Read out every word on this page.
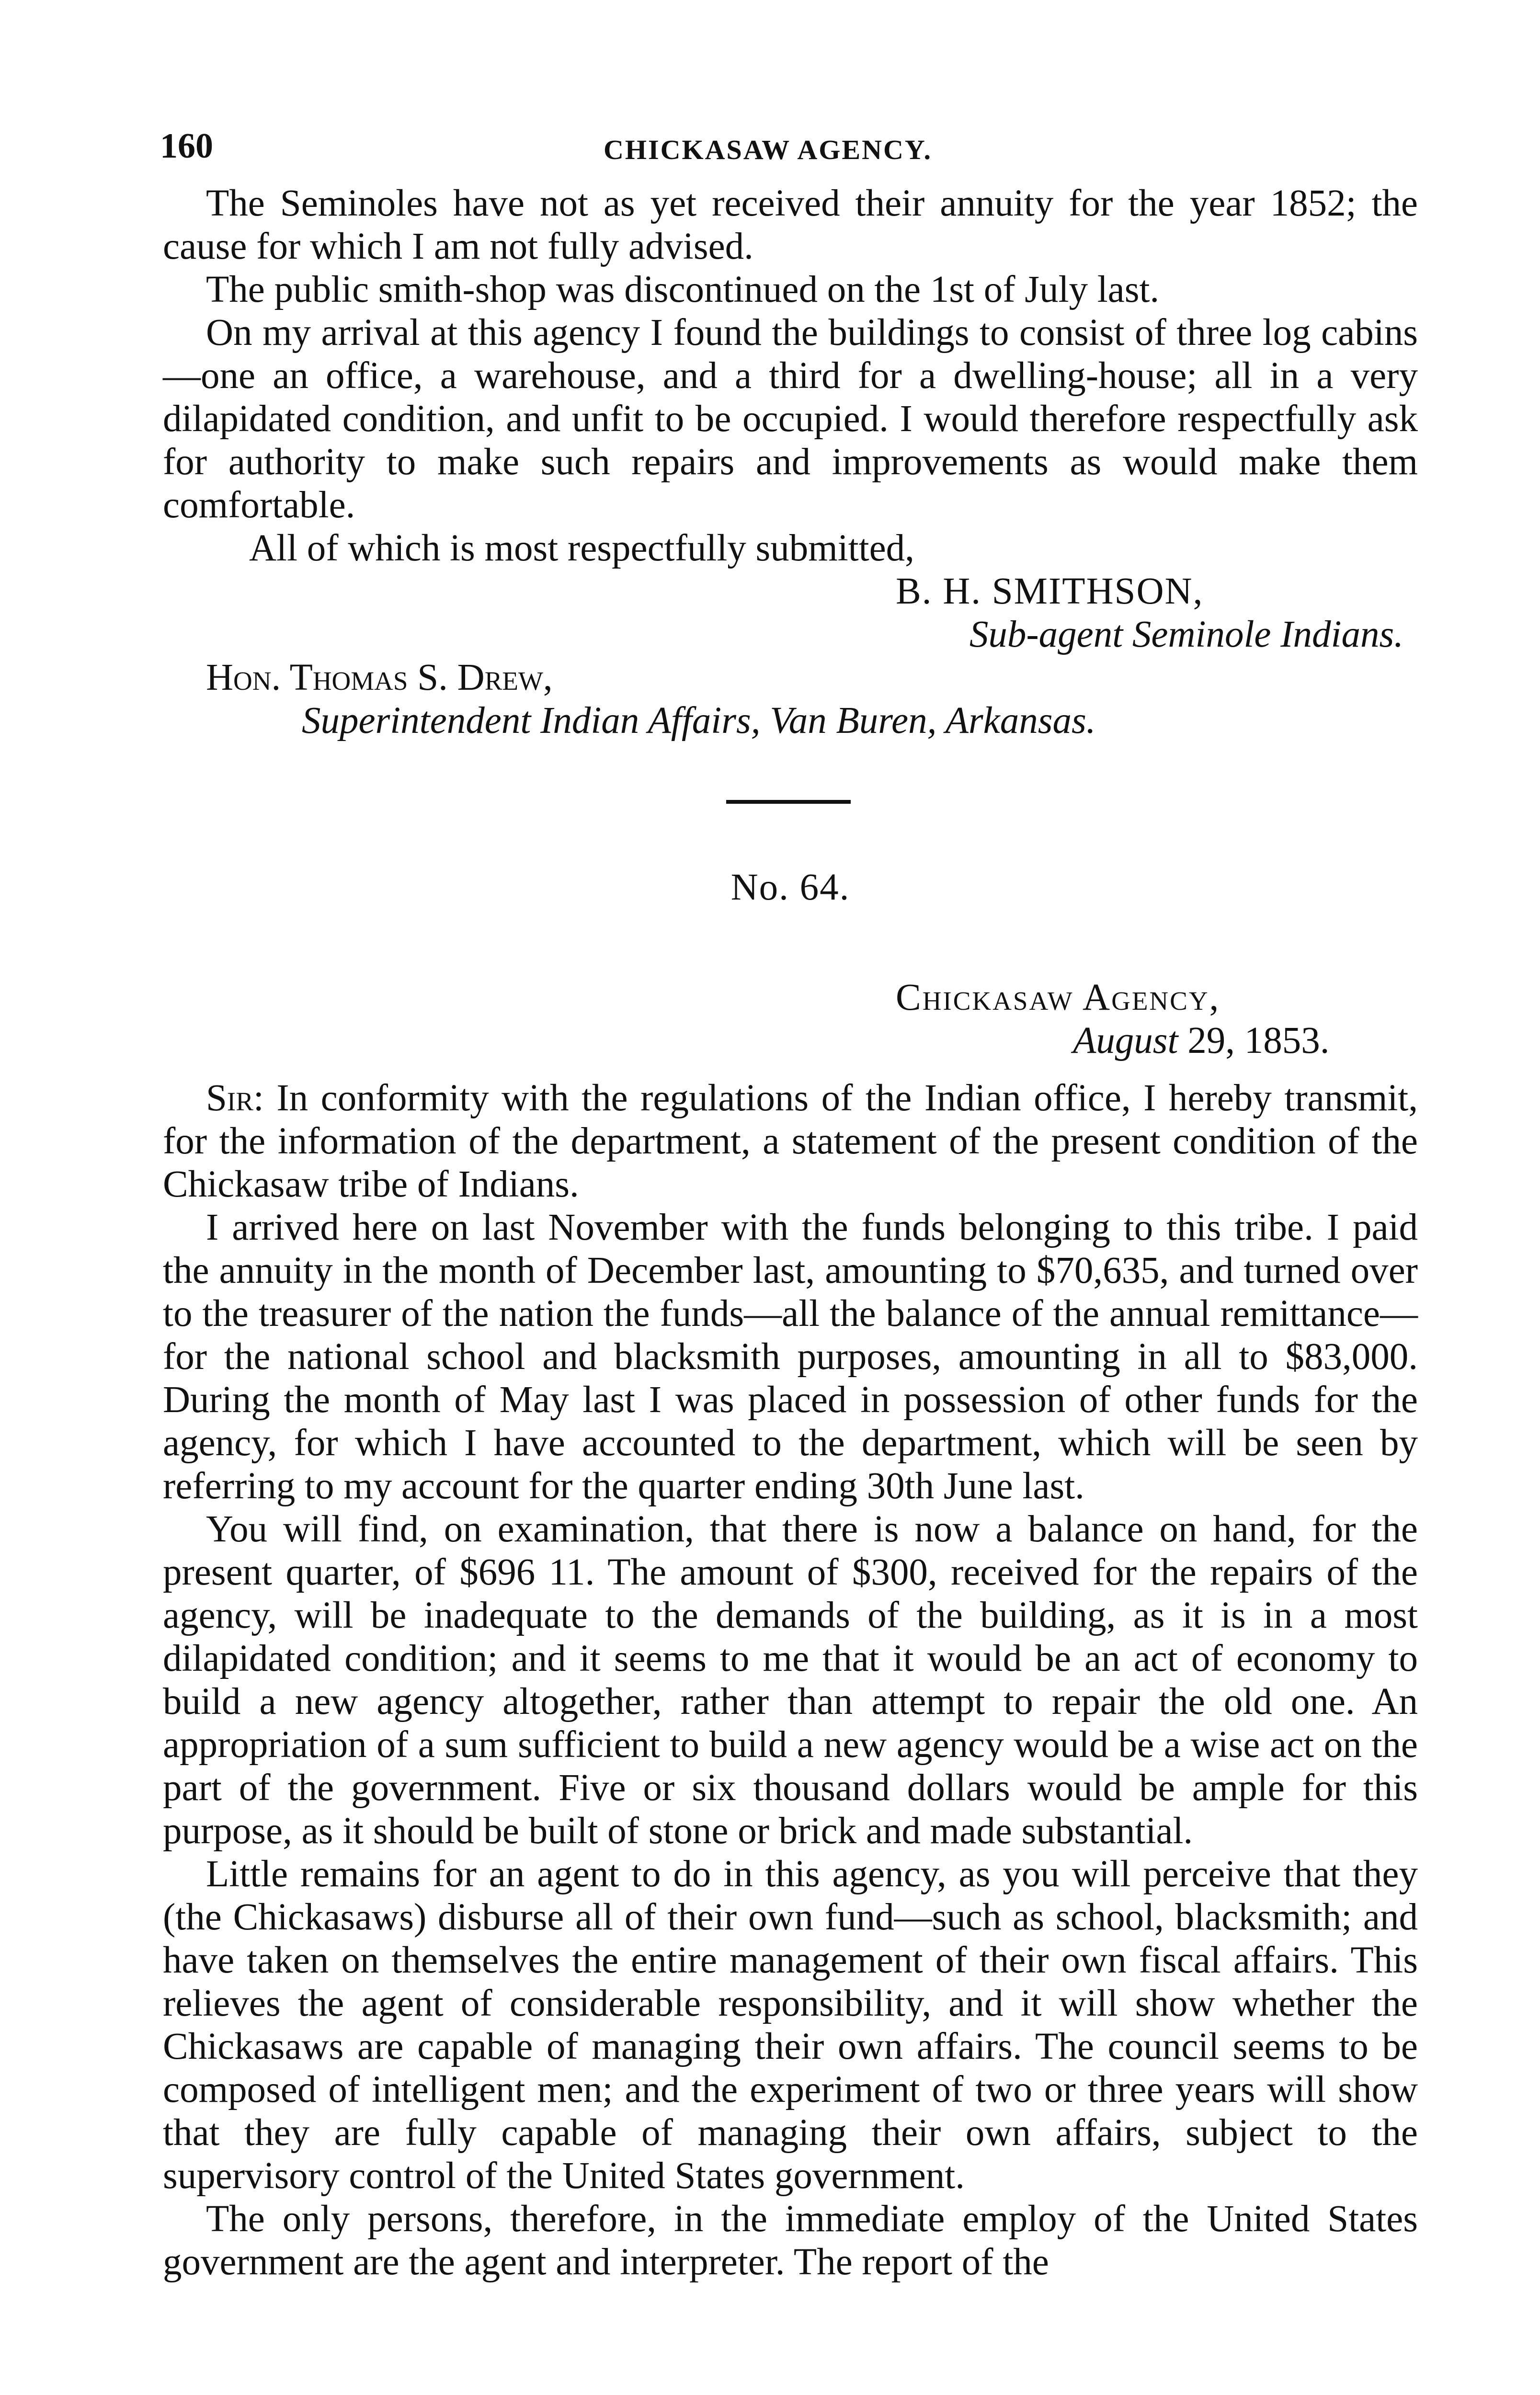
160	CHICKASAW AGENCY.

The Seminoles have not as yet received their annuity for the year 1852; the cause for which I am not fully advised.

The public smith-shop was discontinued on the 1st of July last.

On my arrival at this agency I found the buildings to consist of three log cabins—one an office, a warehouse, and a third for a dwelling-house; all in a very dilapidated condition, and unfit to be occupied. I would therefore respectfully ask for authority to make such repairs and improvements as would make them comfortable.

All of which is most respectfully submitted,

B. H. SMITHSON,
Sub-agent Seminole Indians.
Hon. Thomas S. Drew,
Superintendent Indian Affairs, Van Buren, Arkansas.
No. 64.
Chickasaw Agency,
August 29, 1853.

Sir: In conformity with the regulations of the Indian office, I hereby transmit, for the information of the department, a statement of the present condition of the Chickasaw tribe of Indians.

I arrived here on last November with the funds belonging to this tribe. I paid the annuity in the month of December last, amounting to $70,635, and turned over to the treasurer of the nation the funds—all the balance of the annual remittance—for the national school and blacksmith purposes, amounting in all to $83,000. During the month of May last I was placed in possession of other funds for the agency, for which I have accounted to the department, which will be seen by referring to my account for the quarter ending 30th June last.

You will find, on examination, that there is now a balance on hand, for the present quarter, of $696 11. The amount of $300, received for the repairs of the agency, will be inadequate to the demands of the building, as it is in a most dilapidated condition; and it seems to me that it would be an act of economy to build a new agency altogether, rather than attempt to repair the old one. An appropriation of a sum sufficient to build a new agency would be a wise act on the part of the government. Five or six thousand dollars would be ample for this purpose, as it should be built of stone or brick and made substantial.

Little remains for an agent to do in this agency, as you will perceive that they (the Chickasaws) disburse all of their own fund—such as school, blacksmith; and have taken on themselves the entire management of their own fiscal affairs. This relieves the agent of considerable responsibility, and it will show whether the Chickasaws are capable of managing their own affairs. The council seems to be composed of intelligent men; and the experiment of two or three years will show that they are fully capable of managing their own affairs, subject to the supervisory control of the United States government.

The only persons, therefore, in the immediate employ of the United States government are the agent and interpreter. The report of the
